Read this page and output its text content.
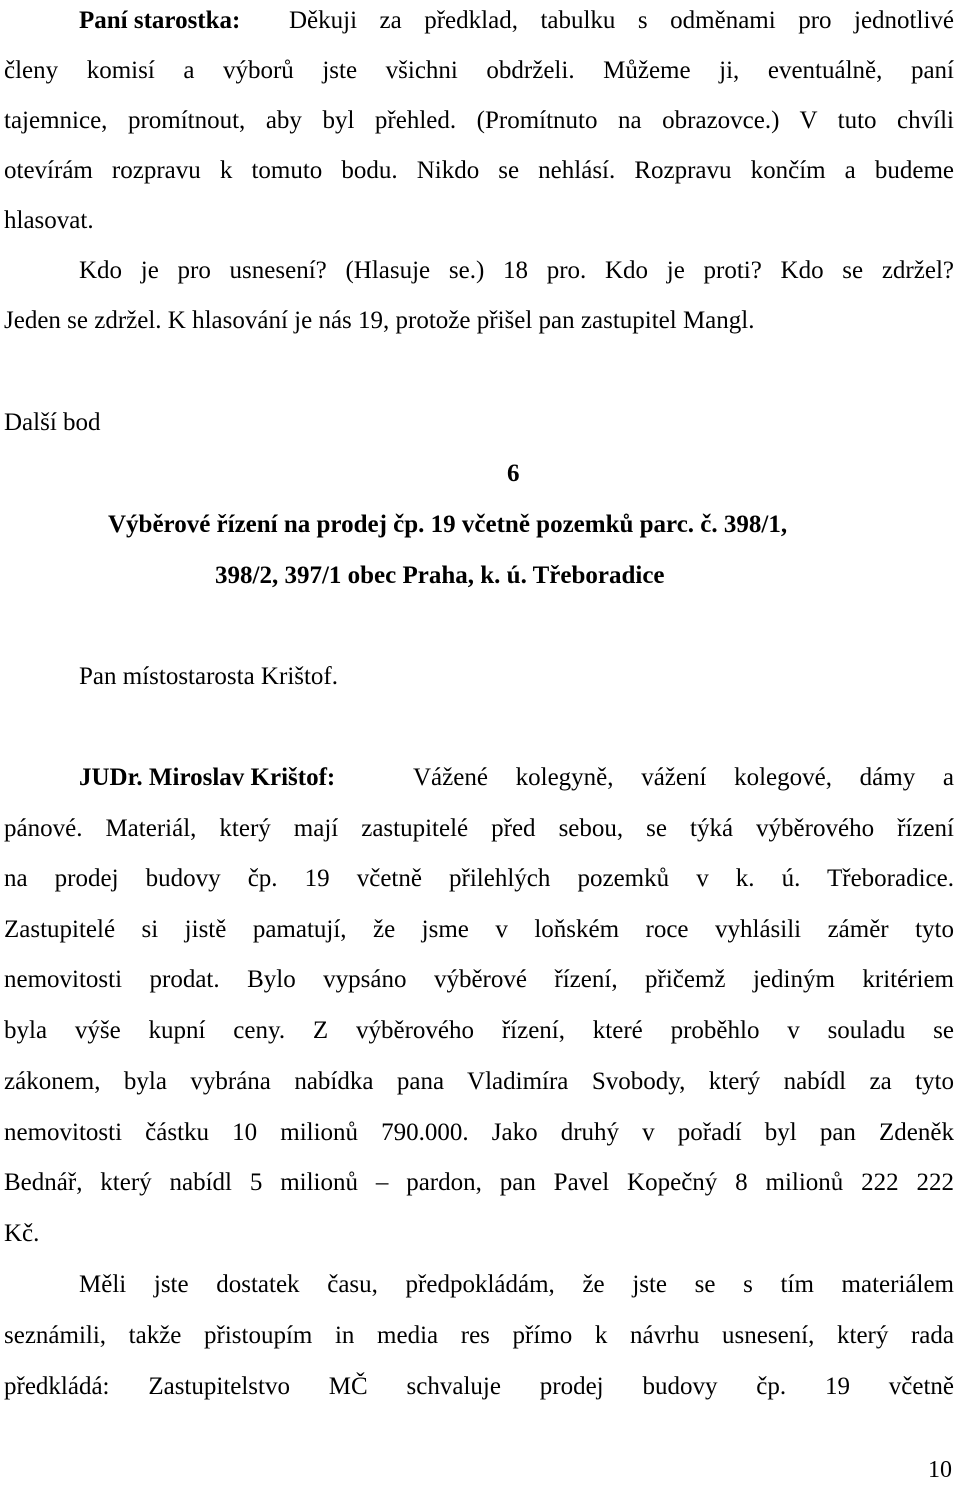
Paní starostka: Děkuji za předklad, tabulku s odměnami pro jednotlivé
členy komisí a výborů jste všichni obdrželi. Můžeme ji, eventuálně, paní
tajemnice, promítnout, aby byl přehled. (Promítnuto na obrazovce.) V tuto chvíli
otevírám rozpravu k tomuto bodu. Nikdo se nehlásí. Rozpravu končím a budeme
hlasovat.
Kdo je pro usnesení? (Hlasuje se.) 18 pro. Kdo je proti? Kdo se zdržel?
Jeden se zdržel. K hlasování je nás 19, protože přišel pan zastupitel Mangl.
Další bod
6
Výběrové řízení na prodej čp. 19 včetně pozemků parc. č. 398/1,
398/2, 397/1 obec Praha, k. ú. Třeboradice
Pan místostarosta Krištof.
JUDr. Miroslav Krištof:	Vážené kolegyně, vážení kolegové, dámy a
pánové. Materiál, který mají zastupitelé před sebou, se týká výběrového řízení
na prodej budovy čp. 19 včetně přilehlých pozemků v k. ú. Třeboradice.
Zastupitelé si jistě pamatují, že jsme v loňském roce vyhlásili záměr tyto
nemovitosti prodat. Bylo vypsáno výběrové řízení, přičemž jediným kritériem
byla výše kupní ceny. Z výběrového řízení, které proběhlo v souladu se
zákonem, byla vybrána nabídka pana Vladimíra Svobody, který nabídl za tyto
nemovitosti částku 10 milionů 790.000. Jako druhý v pořadí byl pan Zdeněk
Bednář, který nabídl 5 milionů – pardon, pan Pavel Kopečný 8 milionů 222 222
Kč.
Měli jste dostatek času, předpokládám, že jste se s tím materiálem
seznámili, takže přistoupím in media res přímo k návrhu usnesení, který rada
předkládá: Zastupitelstvo MČ schvaluje prodej budovy čp. 19 včetně
10
